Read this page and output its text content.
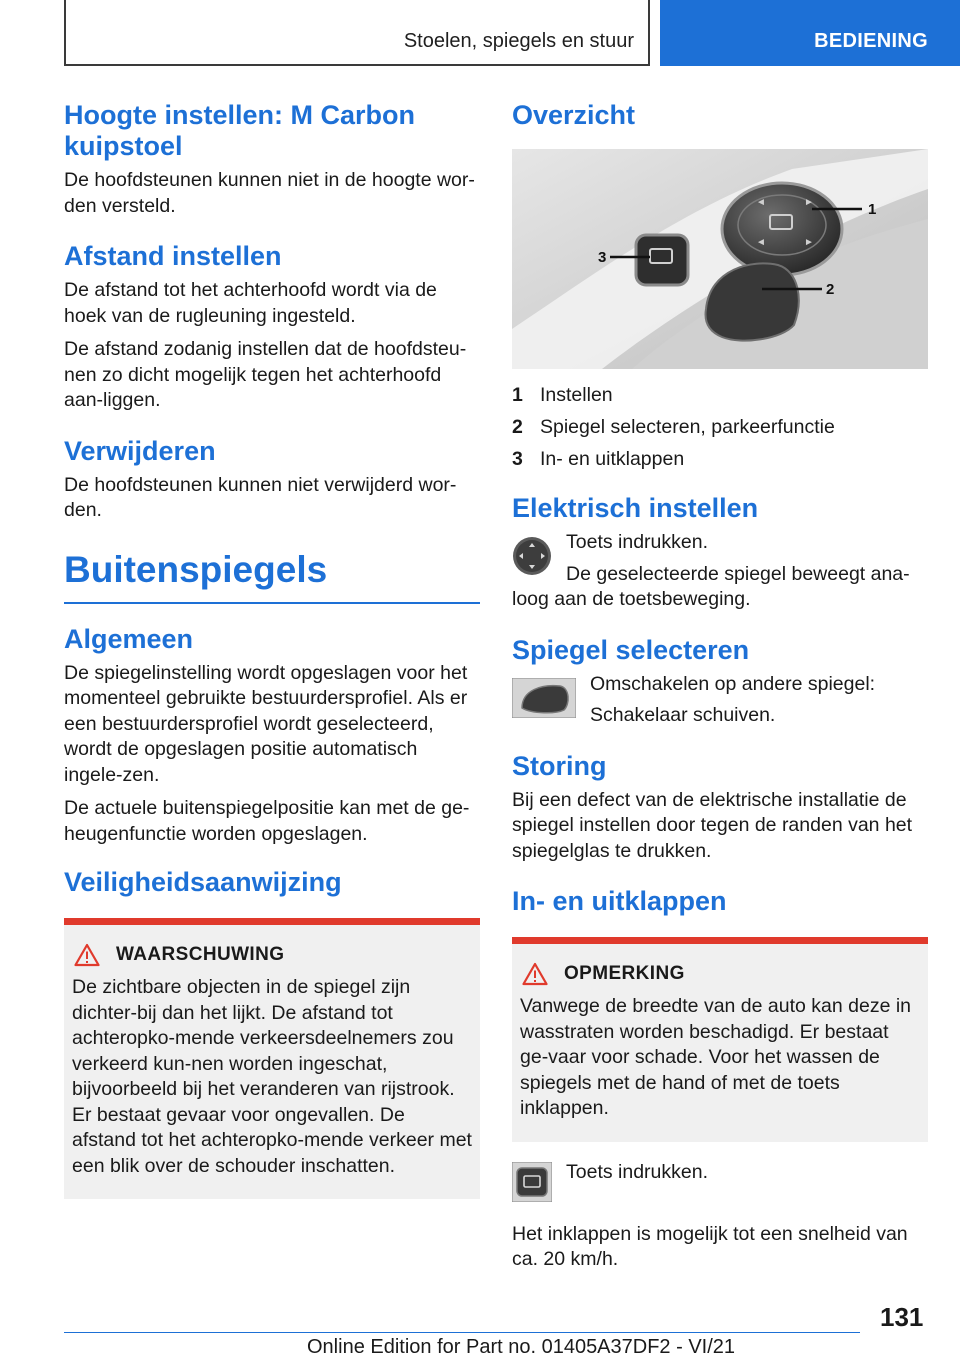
Stoelen, spiegels en stuur	BEDIENING
Hoogte instellen: M Carbon kuipstoel

De hoofdsteunen kunnen niet in de hoogte wor-den versteld.

Afstand instellen

De afstand tot het achterhoofd wordt via de hoek van de rugleuning ingesteld.

De afstand zodanig instellen dat de hoofdsteu-nen zo dicht mogelijk tegen het achterhoofd aan-liggen.

Verwijderen

De hoofdsteunen kunnen niet verwijderd wor-den.

Buitenspiegels
Algemeen

De spiegelinstelling wordt opgeslagen voor het momenteel gebruikte bestuurdersprofiel. Als er een bestuurdersprofiel wordt geselecteerd, wordt de opgeslagen positie automatisch ingele-zen.

De actuele buitenspiegelpositie kan met de ge-heugenfunctie worden opgeslagen.

Veiligheidsaanwijzing
WAARSCHUWING

De zichtbare objecten in de spiegel zijn dichter-bij dan het lijkt. De afstand tot achteropko-mende verkeersdeelnemers zou verkeerd kun-nen worden ingeschat, bijvoorbeeld bij het veranderen van rijstrook. Er bestaat gevaar voor ongevallen. De afstand tot het achteropko-mende verkeer met een blik over de schouder inschatten.

Overzicht
◄	►
◄	►
1
2
3
1 Instellen
2 Spiegel selecteren, parkeerfunctie
3 In- en uitklappen
Elektrisch instellen

Toets indrukken.

De geselecteerde spiegel beweegt ana-loog aan de toetsbeweging.

Spiegel selecteren

Omschakelen op andere spiegel:

Schakelaar schuiven.

Storing

Bij een defect van de elektrische installatie de spiegel instellen door tegen de randen van het spiegelglas te drukken.

In- en uitklappen
OPMERKING

Vanwege de breedte van de auto kan deze in wasstraten worden beschadigd. Er bestaat ge-vaar voor schade. Voor het wassen de spiegels met de hand of met de toets inklappen.

Toets indrukken.

Het inklappen is mogelijk tot een snelheid van ca. 20 km/h.

131
Online Edition for Part no. 01405A37DF2 - VI/21
